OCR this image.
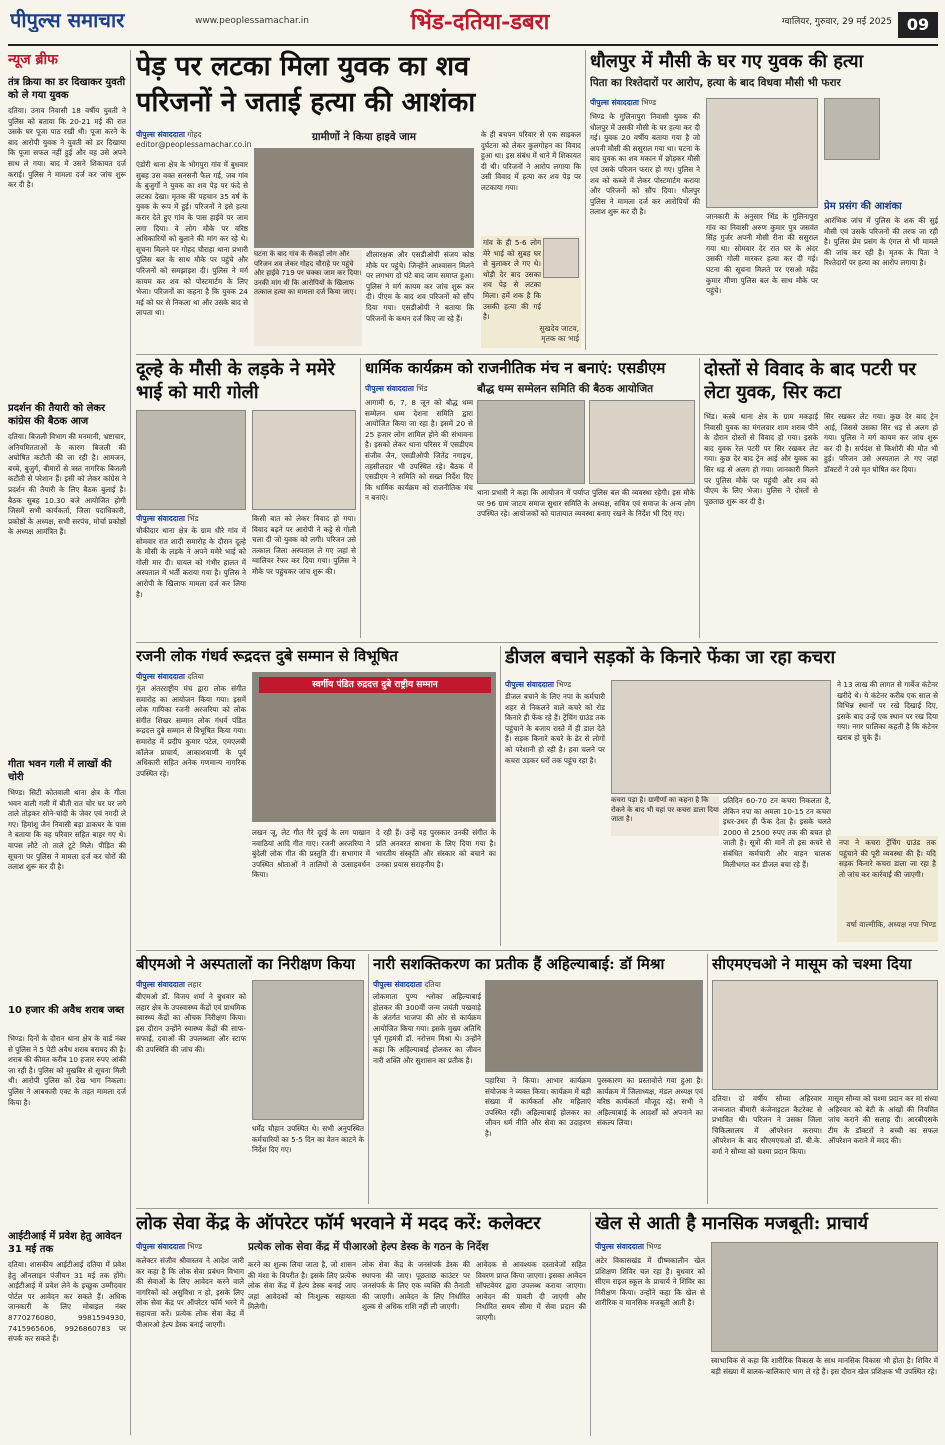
पीपुल्स समाचार	www.peoplessamachar.in	भिंड-दतिया-डबरा	ग्वालियर, गुरुवार, 29 मई 2025 09
न्यूज ब्रीफ
तंत्र क्रिया का डर दिखाकर युवती को ले गया युवक
दतिया। उनाव निवासी 18 वर्षीय युवती ने पुलिस को बताया कि 20-21 मई की रात उसके घर पूजा पाठ रखी थी। पूजा करने के बाद आरोपी युवक ने युवती को डर दिखाया कि पूजा सफल नहीं हुई और वह उसे अपने साथ ले गया। बाद में उसने शिकायत दर्ज कराई। पुलिस ने मामला दर्ज कर जांच शुरू कर दी है।
प्रदर्शन की तैयारी को लेकर कांग्रेस की बैठक आज
दतिया। बिजली विभाग की मनमानी, भ्रष्टाचार, अनियमितताओं के कारण बिजली की अघोषित कटौती की जा रही है। आमजन, बच्चे, बुजुर्ग, बीमारों से त्रस्त नागरिक बिजली कटौती से परेशान हैं। इसी को लेकर कांग्रेस ने प्रदर्शन की तैयारी के लिए बैठक बुलाई है। बैठक सुबह 10.30 बजे आयोजित होगी जिसमें सभी कार्यकर्ता, जिला पदाधिकारी, प्रकोष्ठों के अध्यक्ष, सभी सरपंच, मोर्चा प्रकोष्ठों के अध्यक्ष आमंत्रित हैं।
गीता भवन गली में लाखों की चोरी
भिण्ड। सिटी कोतवाली थाना क्षेत्र के गीता भवन वाली गली में बीती रात चोर घर पर लगे ताले तोड़कर सोने-चांदी के जेवर एवं नगदी ले गए। हिमांशु जैन निवासी बड़ा डाकघर के पास ने बताया कि वह परिवार सहित बाहर गए थे। वापस लौटे तो ताले टूटे मिले। पीड़ित की सूचना पर पुलिस ने मामला दर्ज कर चोरों की तलाश शुरू कर दी है।
10 हजार की अवैध शराब जब्त
भिण्ड। दिनों के दौरान थाना क्षेत्र के वार्ड नंबर से पुलिस ने 5 पेटी अवैध शराब बरामद की है। शराब की कीमत करीब 10 हजार रुपए आंकी जा रही है। पुलिस को मुखबिर से सूचना मिली थी। आरोपी पुलिस को देख भाग निकला। पुलिस ने आबकारी एक्ट के तहत मामला दर्ज किया है।
आईटीआई में प्रवेश हेतु आवेदन 31 मई तक
दतिया। शासकीय आईटीआई दतिया में प्रवेश हेतु ऑनलाइन पंजीयन 31 मई तक होंगे। आईटीआई में प्रवेश लेने के इच्छुक उम्मीदवार पोर्टल पर आवेदन कर सकते हैं। अधिक जानकारी के लिए मोबाइल नंबर 8770276080, 9981594930, 7415965606, 9926860783 पर संपर्क कर सकते हैं।
पेड़ पर लटका मिला युवक का शव
परिजनों ने जताई हत्या की आशंका
पीपुल्स संवाददाता गोहद
editor@peoplessamachar.co.in
एंडोरी थाना क्षेत्र के भोगपुरा गांव में बुधवार सुबह उस वक्त सनसनी फैल गई, जब गांव के बुजुर्गों ने युवक का शव पेड़ पर फंदे से लटका देखा। मृतक की पहचान 35 वर्ष के युवक के रूप में हुई। परिजनों ने इसे हत्या करार देते हुए गांव के पास हाईवे पर जाम लगा दिया। वे लोग मौके पर वरिष्ठ अधिकारियों को बुलाने की मांग कर रहे थे। सूचना मिलने पर गोहद चौराहा थाना प्रभारी पुलिस बल के साथ मौके पर पहुंचे और परिजनों को समझाइश दी। पुलिस ने मर्ग कायम कर शव को पोस्टमार्टम के लिए भेजा। परिजनों का कहना है कि युवक 24 मई को घर से निकला था और उसके बाद से लापता था।
ग्रामीणों ने किया हाइवे जाम
घटना के बाद गांव के सैकड़ों लोग और परिजन शव लेकर गोहद चौराहे पर पहुंचे और हाईवे 719 पर चक्का जाम कर दिया। उनकी मांग थी कि आरोपियों के खिलाफ तत्काल हत्या का मामला दर्ज किया जाए।
शीलारक्षक और एसडीओपी संजय कोष्ठ मौके पर पहुंचे। जिन्होंने आश्वासन मिलने पर लगभग दो घंटे बाद जाम समाप्त हुआ। पुलिस ने मर्ग कायम कर जांच शुरू कर दी। पीएम के बाद शव परिजनों को सौंप दिया गया। एसडीओपी ने बताया कि परिजनों के कथन दर्ज किए जा रहे हैं।
के ही बचपन परिवार से एक साइकल दुर्घटना को लेकर कुलगोहन का विवाद हुआ था। इस संबंध में थाने में शिकायत दी थी। परिजनों ने आरोप लगाया कि उसी विवाद में हत्या कर शव पेड़ पर लटकाया गया।
गांव के ही 5-6 लोग मेरे भाई को सुबह घर से बुलाकर ले गए थे। थोड़ी देर बाद उसका शव पेड़ से लटका मिला। हमें शक है कि उसकी हत्या की गई है।
सुखदेव जाटव,
मृतक का भाई
धौलपुर में मौसी के घर गए युवक की हत्या
पिता का रिश्तेदारों पर आरोप, हत्या के बाद विधवा मौसी भी फरार
पीपुल्स संवाददाता भिण्ड
भिण्ड के गुलिनापुरा निवासी युवक की धौलपुर में उसकी मौसी के घर हत्या कर दी गई। युवक 20 वर्षीय बताया गया है जो अपनी मौसी की ससुराल गया था। घटना के बाद युवक का शव मकान में छोड़कर मौसी एवं उसके परिजन फरार हो गए। पुलिस ने शव को कब्जे में लेकर पोस्टमार्टम कराया और परिजनों को सौंप दिया। धौलपुर पुलिस ने मामला दर्ज कर आरोपियों की तलाश शुरू कर दी है।
जानकारी के अनुसार भिंड के गुलिनापुरा गांव का निवासी अरुण कुमार पुत्र जसवंत सिंह गुर्जर अपनी मौसी रीना की ससुराल गया था। सोमवार देर रात घर के अंदर उसकी गोली मारकर हत्या कर दी गई। घटना की सूचना मिलते पर एसओ महेंद्र कुमार मीणा पुलिस बल के साथ मौके पर पहुंचे।
प्रेम प्रसंग की आशंका
आरंभिक जांच में पुलिस के शक की सुई मौसी एवं उसके परिजनों की तरफ जा रही है। पुलिस प्रेम प्रसंग के एंगल से भी मामले की जांच कर रही है। मृतक के पिता ने रिश्तेदारों पर हत्या का आरोप लगाया है।
दूल्हे के मौसी के लड़के ने ममेरे भाई को मारी गोली
पीपुल्स संवाददाता भिंड
चौकीदार थाना क्षेत्र के ग्राम धीरे गांव में सोमवार रात शादी समारोह के दौरान दूल्हे के मौसी के लड़के ने अपने ममेरे भाई को गोली मार दी। घायल को गंभीर हालत में अस्पताल में भर्ती कराया गया है। पुलिस ने आरोपी के खिलाफ मामला दर्ज कर लिया है।
किसी बात को लेकर विवाद हो गया। विवाद बढ़ने पर आरोपी ने कट्टे से गोली चला दी जो युवक को लगी। परिजन उसे तत्काल जिला अस्पताल ले गए जहां से ग्वालियर रेफर कर दिया गया। पुलिस ने मौके पर पहुंचकर जांच शुरू की।
धार्मिक कार्यक्रम को राजनीतिक मंच न बनाएं: एसडीएम
बौद्ध धम्म सम्मेलन समिति की बैठक आयोजित
पीपुल्स संवाददाता भिंड
आगामी 6, 7, 8 जून को बौद्ध धम्म सम्मेलन धम्म देशना समिति द्वारा आयोजित किया जा रहा है। इसमें 20 से 25 हजार लोग शामिल होने की संभावना है। इसको लेकर थाना परिसर में एसडीएम संजीव जैन, एसडीओपी जितेंद्र नगाइच, तहसीलदार भी उपस्थित रहे। बैठक में एसडीएम ने समिति को सख्त निर्देश दिए कि धार्मिक कार्यक्रम को राजनीतिक मंच न बनाएं।
थाना प्रभारी ने कहा कि आयोजन में पर्याप्त पुलिस बल की व्यवस्था रहेगी। इस मौके पर 96 ग्राम जाटव समाज सुधार समिति के अध्यक्ष, सचिव एवं समाज के अन्य लोग उपस्थित रहे। आयोजकों को यातायात व्यवस्था बनाए रखने के निर्देश भी दिए गए।
दोस्तों से विवाद के बाद पटरी पर लेटा युवक, सिर कटा
भिंड। कस्बे थाना क्षेत्र के ग्राम मकड़ाई निवासी युवक का मंगलवार शाम शराब पीने के दौरान दोस्तों से विवाद हो गया। इसके बाद युवक रेल पटरी पर सिर रखकर लेट गया। कुछ देर बाद ट्रेन आई और युवक का सिर धड़ से अलग हो गया। जानकारी मिलने पर पुलिस मौके पर पहुंची और शव को पीएम के लिए भेजा। पुलिस ने दोस्तों से पूछताछ शुरू कर दी है।
सिर रखकर लेट गया। कुछ देर बाद ट्रेन आई, जिससे उसका सिर धड़ से अलग हो गया। पुलिस ने मर्ग कायम कर जांच शुरू कर दी है। सर्पदंश से किशोरी की मौत भी हुई। परिजन उसे अस्पताल ले गए जहां डॉक्टरों ने उसे मृत घोषित कर दिया।
रजनी लोक गंधर्व रूद्रदत्त दुबे सम्मान से विभूषित
पीपुल्स संवाददाता दतिया
गूंज अंतरराष्ट्रीय मंच द्वारा लोक संगीत समारोह का आयोजन किया गया। इसमें लोक गायिका रजनी अरजरिया को लोक संगीत शिखर सम्मान लोक गंधर्व पंडित रूद्रदत्त दुबे सम्मान से विभूषित किया गया। समारोह में प्रदीप कुमार पटेल, एमएलबी कॉलेज प्राचार्य, आकाशवाणी के पूर्व अधिकारी सहित अनेक गणमान्य नागरिक उपस्थित रहे।
स्वर्गीय पंडित रुद्रदत्त दुबे राष्ट्रीय सम्मान
लखन जू, लेट गीत गैरे दूरई के लग पाखान नवाठियां आदि गीत गाए। रजनी अरजरिया ने बुंदेली लोक गीत की प्रस्तुति दी। सभागार में उपस्थित श्रोताओं ने तालियों से उत्साहवर्धन किया।
दे रही हैं। उन्हें यह पुरस्कार उनकी संगीत के प्रति अनवरत साधना के लिए दिया गया है। भारतीय संस्कृति और संस्कार को बचाने का उनका प्रयास सराहनीय है।
डीजल बचाने सड़कों के किनारे फेंका जा रहा कचरा
पीपुल्स संवाददाता भिण्ड
डीजल बचाने के लिए नपा के कर्मचारी शहर से निकलने वाले कचरे को रोड किनारे ही फेंक रहे हैं। ट्रेंचिंग ग्राउंड तक पहुंचाने के बजाय रास्ते में ही डाल देते हैं। सड़क किनारे कचरे के ढेर से लोगों को परेशानी हो रही है। हवा चलने पर कचरा उड़कर घरों तक पहुंच रहा है।
कचरा पड़ा है। ग्रामीणों का कहना है कि रोकने के बाद भी यहां पर कचरा डाला दिया जाता है।
प्रतिदिन 60-70 टन कचरा निकलता है, लेकिन नपा का अमला 10-15 टन कचरा इधर-उधर ही फेंक देता है। इसके चलते 2000 से 2500 रुपए तक की बचत हो जाती है। सूत्रों की मानें तो इस कचरे से संबंधित कर्मचारी और वाहन चालक मिलीभगत कर डीजल बचा रहे हैं।
ने 13 लाख की लागत से गार्बेज कंटेनर खरीदे थे। ये कंटेनर करीब एक साल से विभिन्न स्थानों पर रखे दिखाई दिए, इसके बाद उन्हें एक स्थान पर रख दिया गया। नगर पालिका कहती है कि कंटेनर खराब हो चुके हैं।
नपा ने कचरा ट्रेंचिंग ग्राउंड तक पहुंचाने की पूरी व्यवस्था की है। यदि सड़क किनारे कचरा डाला जा रहा है तो जांच कर कार्रवाई की जाएगी।
वर्षा वाल्मीकि, अध्यक्ष नपा भिण्ड
बीएमओ ने अस्पतालों का निरीक्षण किया
पीपुल्स संवाददाता लहार
बीएमओ डॉ. विजय शर्मा ने बुधवार को लहार क्षेत्र के उपस्वास्थ्य केंद्रों एवं प्राथमिक स्वास्थ्य केंद्रों का औचक निरीक्षण किया। इस दौरान उन्होंने स्वास्थ्य केंद्रों की साफ-सफाई, दवाओं की उपलब्धता और स्टाफ की उपस्थिति की जांच की।
धर्मेंद्र चौहान उपस्थित थे। सभी अनुपस्थित कर्मचारियों का 5-5 दिन का वेतन काटने के निर्देश दिए गए।
नारी सशक्तिकरण का प्रतीक हैं अहिल्याबाई: डॉ मिश्रा
पीपुल्स संवाददाता दतिया
लोकमाता पुण्य श्लोका अहिल्याबाई होलकर की 300वीं जन्म जयंती पखवाड़े के अंतर्गत भाजपा की ओर से कार्यक्रम आयोजित किया गया। इसके मुख्य अतिथि पूर्व गृहमंत्री डॉ. नरोत्तम मिश्रा थे। उन्होंने कहा कि अहिल्याबाई होलकर का जीवन नारी शक्ति और सुशासन का प्रतीक है।
पहारिया ने किया। आभार कार्यक्रम संयोजक ने व्यक्त किया। कार्यक्रम में बड़ी संख्या में कार्यकर्ता और महिलाएं उपस्थित रहीं। अहिल्याबाई होलकर का जीवन धर्म नीति और सेवा का उदाहरण है।
पुरस्कारण का प्रस्तावोत्ते गया हुआ है। कार्यक्रम में जिलाध्यक्ष, मंडल अध्यक्ष एवं वरिष्ठ कार्यकर्ता मौजूद रहे। सभी ने अहिल्याबाई के आदर्शों को अपनाने का संकल्प लिया।
सीएमएचओ ने मासूम को चश्मा दिया
दतिया। दो वर्षीय सौम्या अहिरवार जन्मजात बीमारी कंजेनाइटल कैटरेक्ट से प्रभावित थी। परिजन ने उसका जिला चिकित्सालय में ऑपरेशन कराया। ऑपरेशन के बाद सीएमएचओ डॉ. बी.के. वर्मा ने सौम्या को चश्मा प्रदान किया।
मासूम सौम्या को चश्मा प्रदान कर मां संध्या अहिरवार को बेटी के आंखों की नियमित जांच कराने की सलाह दी। आरबीएसके टीम के डॉक्टरों ने बच्ची का सफल ऑपरेशन कराने में मदद की।
लोक सेवा केंद्र के ऑपरेटर फॉर्म भरवाने में मदद करें: कलेक्टर
प्रत्येक लोक सेवा केंद्र में पीआरओ हेल्प डेस्क के गठन के निर्देश
पीपुल्स संवाददाता भिण्ड
कलेक्टर संजीव श्रीवास्तव ने आदेश जारी कर कहा है कि लोक सेवा प्रबंधन विभाग की सेवाओं के लिए आवेदन करने वाले नागरिकों को असुविधा न हो, इसके लिए लोक सेवा केंद्र पर ऑपरेटर फॉर्म भरने में सहायता करें। प्रत्येक लोक सेवा केंद्र में पीआरओ हेल्प डेस्क बनाई जाएगी।
करने का शुल्क लिया जाता है, जो शासन की मंशा के विपरीत है। इसके लिए प्रत्येक लोक सेवा केंद्र में हेल्प डेस्क बनाई जाए जहां आवेदकों को निःशुल्क सहायता मिलेगी।
लोक सेवा केंद्र के जनसंपर्क डेस्क की स्थापना की जाए। पूछताछ काउंटर पर जनसंपर्क के लिए एक व्यक्ति की तैनाती की जाएगी। आवेदन के लिए निर्धारित शुल्क से अधिक राशि नहीं ली जाएगी।
आवेदक से आवश्यक दस्तावेजों सहित विवरण प्राप्त किया जाएगा। इसका आवेदन सॉफ्टवेयर द्वारा उपलब्ध कराया जाएगा। आवेदन की पावती दी जाएगी और निर्धारित समय सीमा में सेवा प्रदान की जाएगी।
खेल से आती है मानसिक मजबूती: प्राचार्य
पीपुल्स संवाददाता भिण्ड
अटेर विकासखंड में ग्रीष्मकालीन खेल प्रशिक्षण शिविर चल रहा है। बुधवार को सीएम राइज स्कूल के प्राचार्य ने शिविर का निरीक्षण किया। उन्होंने कहा कि खेल से शारीरिक व मानसिक मजबूती आती है।
स्वाभाविक से कहा कि शारीरिक विकास के साथ मानसिक विकास भी होता है। शिविर में बड़ी संख्या में बालक-बालिकाएं भाग ले रहे हैं। इस दौरान खेल प्रशिक्षक भी उपस्थित रहे।
